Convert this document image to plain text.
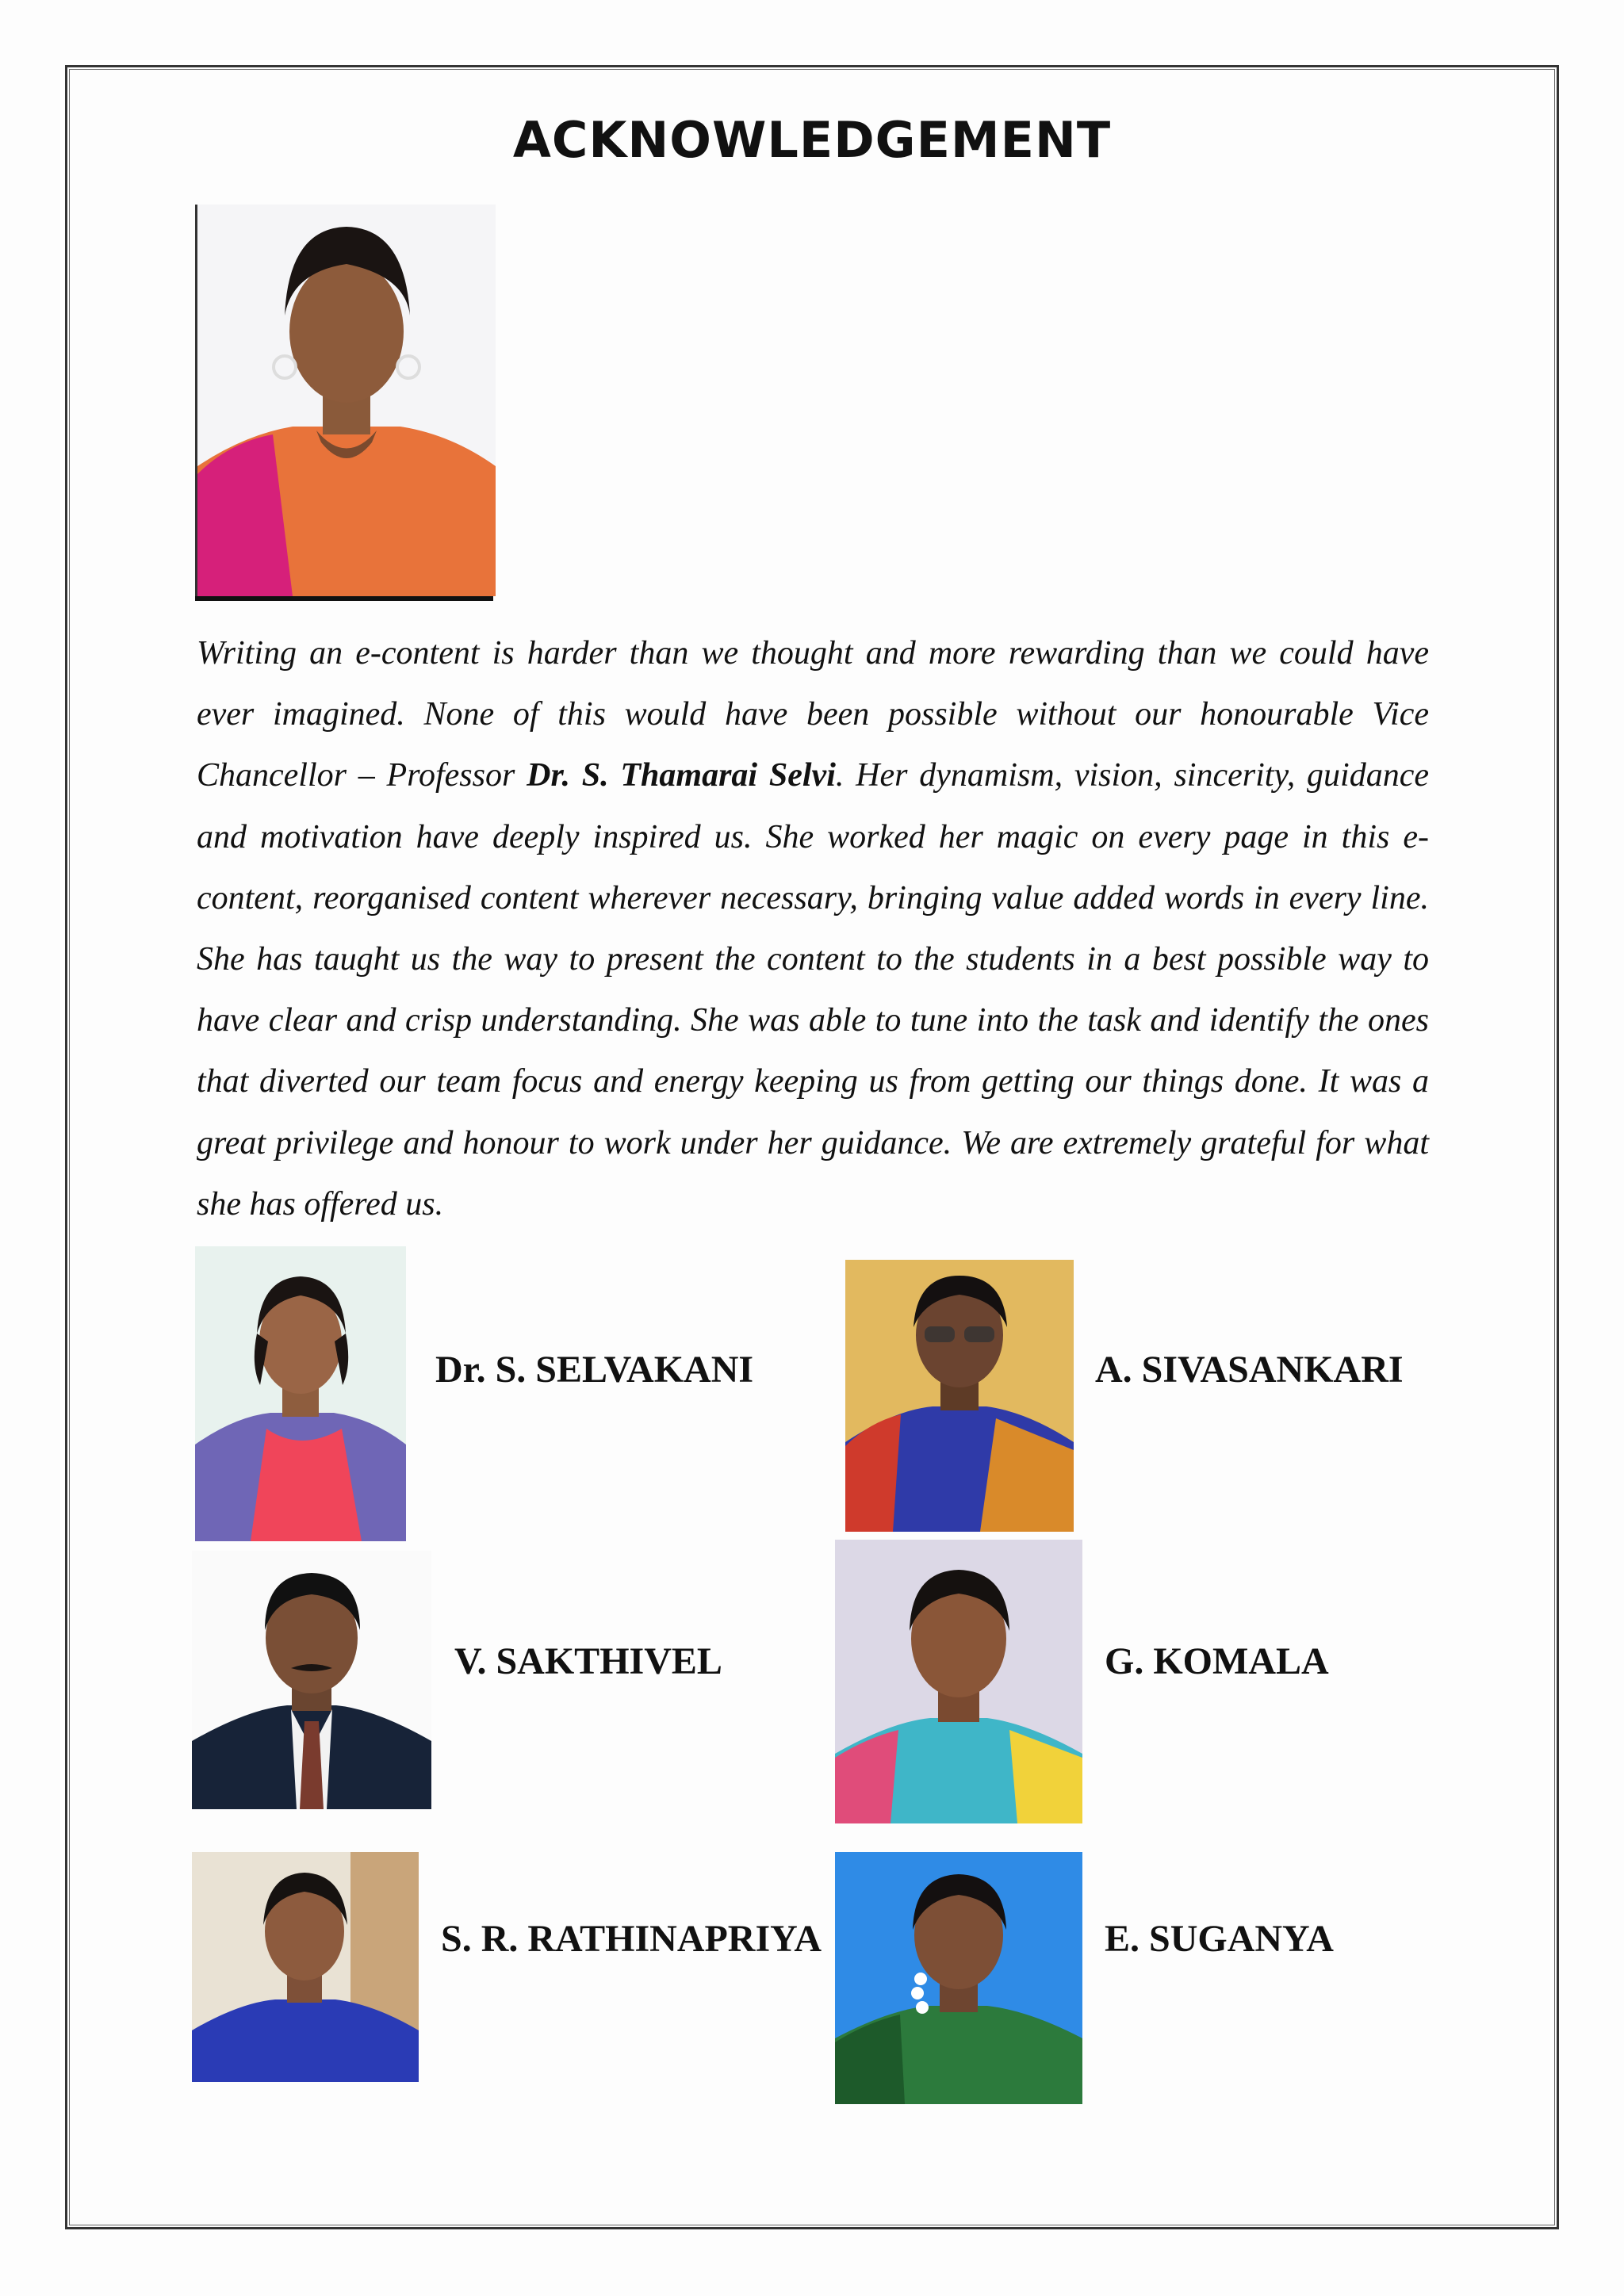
ACKNOWLEDGEMENT
Writing an e-content is harder than we thought and more rewarding than we could have ever imagined. None of this would have been possible without our honourable Vice Chancellor – Professor Dr. S. Thamarai Selvi. Her dynamism, vision, sincerity, guidance and motivation have deeply inspired us. She worked her magic on every page in this e-content, reorganised content wherever necessary, bringing value added words in every line. She has taught us the way to present the content to the students in a best possible way to have clear and crisp understanding. She was able to tune into the task and identify the ones that diverted our team focus and energy keeping us from getting our things done. It was a great privilege and honour to work under her guidance. We are extremely grateful for what she has offered us.
Dr. S. SELVAKANI	A. SIVASANKARI
V. SAKTHIVEL	G. KOMALA
S. R. RATHINAPRIYA	E. SUGANYA
